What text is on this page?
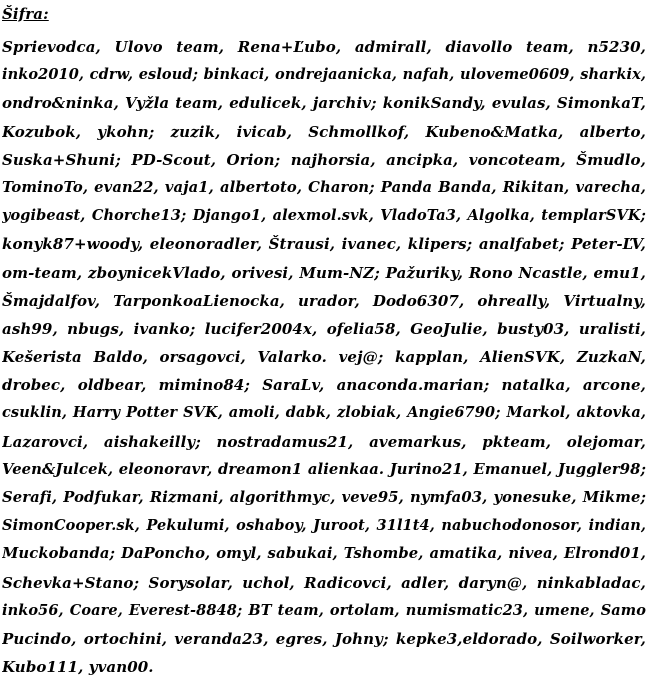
Šifra:
Sprievodca, Ulovo team, Rena+Ľubo, admirall, diavollo team, n5230,
inko2010, cdrw, esloud; binkaci, ondrejaanicka, nafah, uloveme0609, sharkix,
ondro&ninka, Vyžla team, edulicek, jarchiv; konikSandy, evulas, SimonkaT,
Kozubok, ykohn; zuzik, ivicab, Schmollkof, Kubeno&Matka, alberto,
Suska+Shuni; PD-Scout, Orion; najhorsia, ancipka, voncoteam, Šmudlo,
TominoTo, evan22, vaja1, albertoto, Charon; Panda Banda, Rikitan, varecha,
yogibeast, Chorche13; Django1, alexmol.svk, VladoTa3, Algolka, templarSVK;
konyk87+woody, eleonoradler, Štrausi, ivanec, klipers; analfabet; Peter-ĽV,
om-team, zboynicekVlado, orivesi, Mum-NZ; Pažuriky, Rono Ncastle, emu1,
Šmajdalfov, TarponkoaLienocka, urador, Dodo6307, ohreally, Virtualny,
ash99, nbugs, ivanko; lucifer2004x, ofelia58, GeoJulie, busty03, uralisti,
Kešerista Baldo, orsagovci, Valarko. vej@; kapplan, AlienSVK, ZuzkaN,
drobec, oldbear, mimino84; SaraLv, anaconda.marian; natalka, arcone,
csuklin, Harry Potter SVK, amoli, dabk, zlobiak, Angie6790; Markol, aktovka,
Lazarovci, aishakeilly; nostradamus21, avemarkus, pkteam, olejomar,
Veen&Julcek, eleonoravr, dreamon1 alienkaa. Jurino21, Emanuel, Juggler98;
Serafi, Podfukar, Rizmani, algorithmyc, veve95, nymfa03, yonesuke, Mikme;
SimonCooper.sk, Pekulumi, oshaboy, Juroot, 31l1t4, nabuchodonosor, indian,
Muckobanda; DaPoncho, omyl, sabukai, Tshombe, amatika, nivea, Elrond01,
Schevka+Stano; Sorysolar, uchol, Radicovci, adler, daryn@, ninkabladac,
inko56, Coare, Everest-8848; BT team, ortolam, numismatic23, umene, Samo
Pucindo, ortochini, veranda23, egres, Johny; kepke3,eldorado, Soilworker,
Kubo111, yvan00.
